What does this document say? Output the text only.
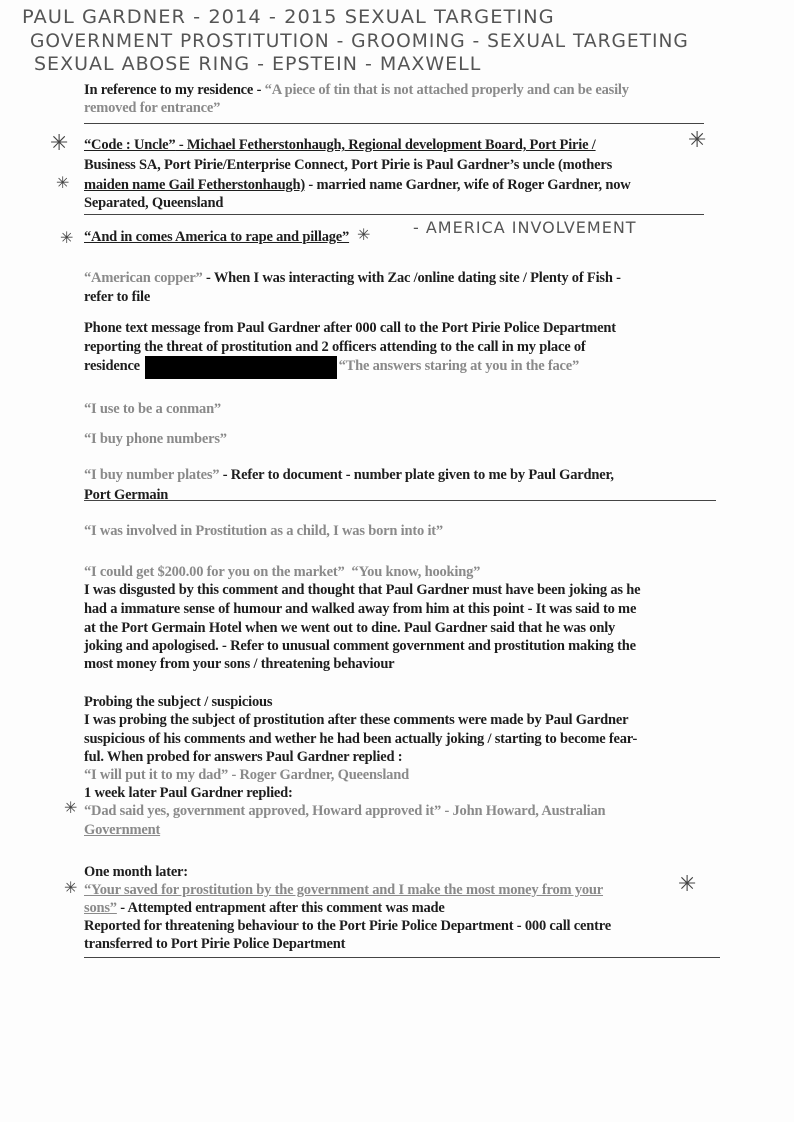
PAUL GARDNER - 2014 - 2015 SEXUAL TARGETING
GOVERNMENT PROSTITUTION - GROOMING - SEXUAL TARGETING
SEXUAL ABOSE RING - EPSTEIN - MAXWELL
- AMERICA INVOLVEMENT
✳	✳
✳
✳	✳
✳
✳	✳
In reference to my residence - “A piece of tin that is not attached properly and can be easily
removed for entrance”
“Code : Uncle” - Michael Fetherstonhaugh, Regional development Board, Port Pirie /
Business SA, Port Pirie/Enterprise Connect, Port Pirie is Paul Gardner’s uncle (mothers
maiden name Gail Fetherstonhaugh) - married name Gardner, wife of Roger Gardner, now
Separated, Queensland
“And in comes America to rape and pillage”
“American copper” - When I was interacting with Zac /online dating site / Plenty of Fish -
refer to file
Phone text message from Paul Gardner after 000 call to the Port Pirie Police Department
reporting the threat of prostitution and 2 officers attending to the call in my place of
residence	“The answers staring at you in the face”
“I use to be a conman”
“I buy phone numbers”
“I buy number plates” - Refer to document - number plate given to me by Paul Gardner,
Port Germain
“I was involved in Prostitution as a child, I was born into it”
“I could get $200.00 for you on the market”  “You know, hooking”
I was disgusted by this comment and thought that Paul Gardner must have been joking as he
had a immature sense of humour and walked away from him at this point - It was said to me
at the Port Germain Hotel when we went out to dine. Paul Gardner said that he was only
joking and apologised. - Refer to unusual comment government and prostitution making the
most money from your sons / threatening behaviour
Probing the subject / suspicious
I was probing the subject of prostitution after these comments were made by Paul Gardner
suspicious of his comments and wether he had been actually joking / starting to become fear-
ful. When probed for answers Paul Gardner replied :
“I will put it to my dad” - Roger Gardner, Queensland
1 week later Paul Gardner replied:
“Dad said yes, government approved, Howard approved it” - John Howard, Australian
Government
One month later:
“Your saved for prostitution by the government and I make the most money from your
sons” - Attempted entrapment after this comment was made
Reported for threatening behaviour to the Port Pirie Police Department - 000 call centre
transferred to Port Pirie Police Department
